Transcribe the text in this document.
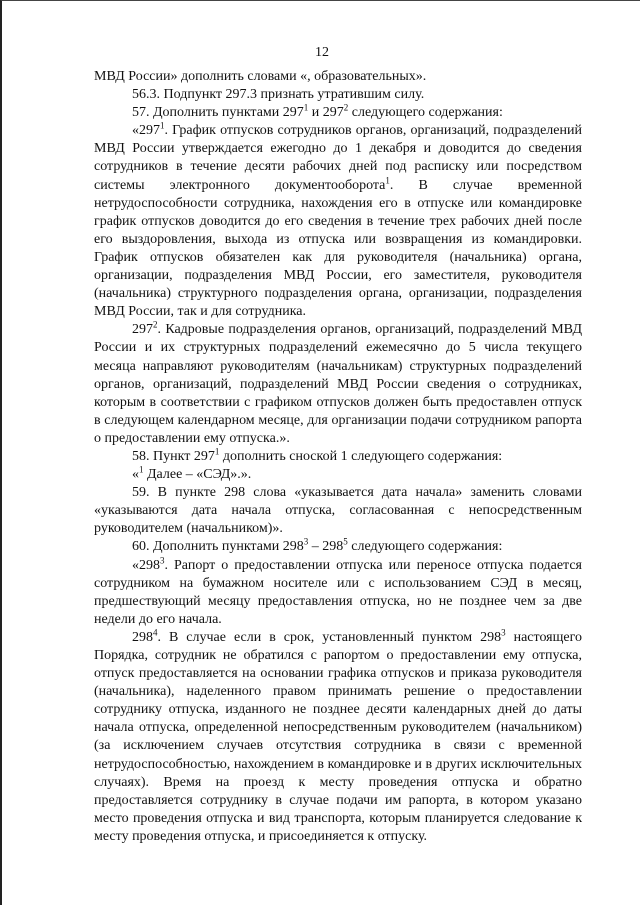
12

МВД России» дополнить словами «, образовательных».

56.3. Подпункт 297.3 признать утратившим силу.

57. Дополнить пунктами $297^1$ и $297^2$ следующего содержания:

«$297^1$. График отпусков сотрудников органов, организаций, подразделений МВД России утверждается ежегодно до 1 декабря и доводится до сведения сотрудников в течение десяти рабочих дней под расписку или посредством системы электронного документооборота$^1$. В случае временной нетрудоспособности сотрудника, нахождения его в отпуске или командировке график отпусков доводится до его сведения в течение трех рабочих дней после его выздоровления, выхода из отпуска или возвращения из командировки. График отпусков обязателен как для руководителя (начальника) органа, организации, подразделения МВД России, его заместителя, руководителя (начальника) структурного подразделения органа, организации, подразделения МВД России, так и для сотрудника.

$297^2$. Кадровые подразделения органов, организаций, подразделений МВД России и их структурных подразделений ежемесячно до 5 числа текущего месяца направляют руководителям (начальникам) структурных подразделений органов, организаций, подразделений МВД России сведения о сотрудниках, которым в соответствии с графиком отпусков должен быть предоставлен отпуск в следующем календарном месяце, для организации подачи сотрудником рапорта о предоставлении ему отпуска.».

58. Пункт $297^1$ дополнить сноской 1 следующего содержания:

«$^1$ Далее – «СЭД».».

59. В пункте 298 слова «указывается дата начала» заменить словами «указываются дата начала отпуска, согласованная с непосредственным руководителем (начальником)».

60. Дополнить пунктами $298^3 - 298^5$ следующего содержания:

«$298^3$. Рапорт о предоставлении отпуска или переносе отпуска подается сотрудником на бумажном носителе или с использованием СЭД в месяц, предшествующий месяцу предоставления отпуска, но не позднее чем за две недели до его начала.

$298^4$. В случае если в срок, установленный пунктом $298^3$ настоящего Порядка, сотрудник не обратился с рапортом о предоставлении ему отпуска, отпуск предоставляется на основании графика отпусков и приказа руководителя (начальника), наделенного правом принимать решение о предоставлении сотруднику отпуска, изданного не позднее десяти календарных дней до даты начала отпуска, определенной непосредственным руководителем (начальником) (за исключением случаев отсутствия сотрудника в связи с временной нетрудоспособностью, нахождением в командировке и в других исключительных случаях). Время на проезд к месту проведения отпуска и обратно предоставляется сотруднику в случае подачи им рапорта, в котором указано место проведения отпуска и вид транспорта, которым планируется следование к месту проведения отпуска, и присоединяется к отпуску.
